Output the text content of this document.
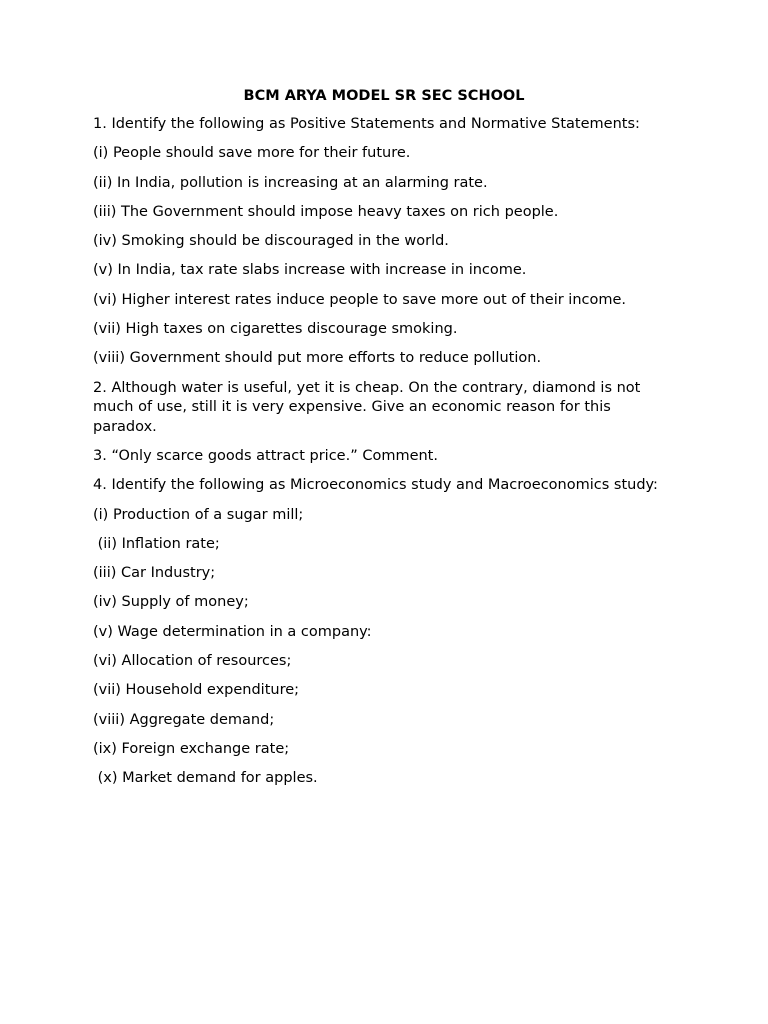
BCM ARYA MODEL SR SEC SCHOOL
1. Identify the following as Positive Statements and Normative Statements:
(i) People should save more for their future.
(ii) In India, pollution is increasing at an alarming rate.
(iii) The Government should impose heavy taxes on rich people.
(iv) Smoking should be discouraged in the world.
(v) In India, tax rate slabs increase with increase in income.
(vi) Higher interest rates induce people to save more out of their income.
(vii) High taxes on cigarettes discourage smoking.
(viii) Government should put more efforts to reduce pollution.
2. Although water is useful, yet it is cheap. On the contrary, diamond is not much of use, still it is very expensive. Give an economic reason for this paradox.
3. “Only scarce goods attract price.” Comment.
4. Identify the following as Microeconomics study and Macroeconomics study:
(i) Production of a sugar mill;
(ii) Inflation rate;
(iii) Car Industry;
(iv) Supply of money;
(v) Wage determination in a company:
(vi) Allocation of resources;
(vii) Household expenditure;
(viii) Aggregate demand;
(ix) Foreign exchange rate;
(x) Market demand for apples.
